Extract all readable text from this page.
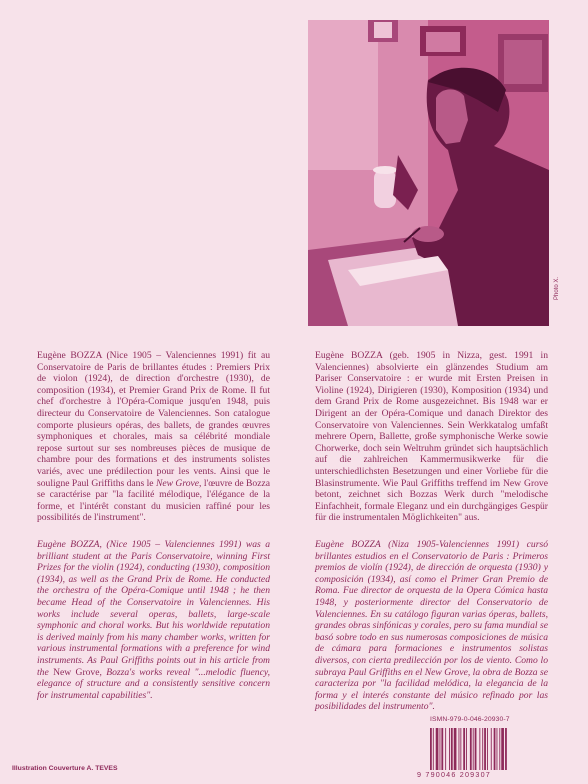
Photo X.

Eugène BOZZA (Nice 1905 – Valenciennes 1991) fit au Conservatoire de Paris de brillantes études : Premiers Prix de violon (1924), de direction d'orchestre (1930), de composition (1934), et Premier Grand Prix de Rome. Il fut chef d'orchestre à l'Opéra-Comique jusqu'en 1948, puis directeur du Conservatoire de Valenciennes. Son catalogue comporte plusieurs opéras, des ballets, de grandes œuvres symphoniques et chorales, mais sa célébrité mondiale repose surtout sur ses nombreuses pièces de musique de chambre pour des formations et des instruments solistes variés, avec une prédilection pour les vents. Ainsi que le souligne Paul Griffiths dans le New Grove, l'œuvre de Bozza se caractérise par "la facilité mélodique, l'élégance de la forme, et l'intérêt constant du musicien raffiné pour les possibilités de l'instrument".

Eugène BOZZA (geb. 1905 in Nizza, gest. 1991 in Valenciennes) absolvierte ein glänzendes Studium am Pariser Conservatoire : er wurde mit Ersten Preisen in Violine (1924), Dirigieren (1930), Komposition (1934) und dem Grand Prix de Rome ausgezeichnet. Bis 1948 war er Dirigent an der Opéra-Comique und danach Direktor des Conservatoire von Valenciennes. Sein Werkkatalog umfaßt mehrere Opern, Ballette, große symphonische Werke sowie Chorwerke, doch sein Weltruhm gründet sich hauptsächlich auf die zahlreichen Kammermusikwerke für die unterschiedlichsten Besetzungen und einer Vorliebe für die Blasinstrumente. Wie Paul Griffiths treffend im New Grove betont, zeichnet sich Bozzas Werk durch "melodische Einfachheit, formale Eleganz und ein durchgängiges Gespür für die instrumentalen Möglichkeiten" aus.

Eugène BOZZA, (Nice 1905 – Valenciennes 1991) was a brilliant student at the Paris Conservatoire, winning First Prizes for the violin (1924), conducting (1930), composition (1934), as well as the Grand Prix de Rome. He conducted the orchestra of the Opéra-Comique until 1948 ; he then became Head of the Conservatoire in Valenciennes. His works include several operas, ballets, large-scale symphonic and choral works. But his worldwide reputation is derived mainly from his many chamber works, written for various instrumental formations with a preference for wind instruments. As Paul Griffiths points out in his article from the New Grove, Bozza's works reveal "...melodic fluency, elegance of structure and a consistently sensitive concern for instrumental capabilities".

Eugène BOZZA (Niza 1905-Valenciennes 1991) cursó brillantes estudios en el Conservatorio de Paris : Primeros premios de violín (1924), de dirección de orquesta (1930) y composición (1934), así como el Primer Gran Premio de Roma. Fue director de orquesta de la Opera Cómica hasta 1948, y posteriormente director del Conservatorio de Valenciennes. En su catálogo figuran varias óperas, ballets, grandes obras sinfónicas y corales, pero su fama mundial se basó sobre todo en sus numerosas composiciones de música de cámara para formaciones e instrumentos solistas diversos, con cierta predilección por los de viento. Como lo subraya Paul Griffiths en el New Grove, la obra de Bozza se caracteriza por "la facilidad melódica, la elegancia de la forma y el interés constante del músico refinado por las posibilidades del instrumento".

ISMN-979-0-046-20930-7
9 790046 209307
Illustration Couverture A. TEVES
